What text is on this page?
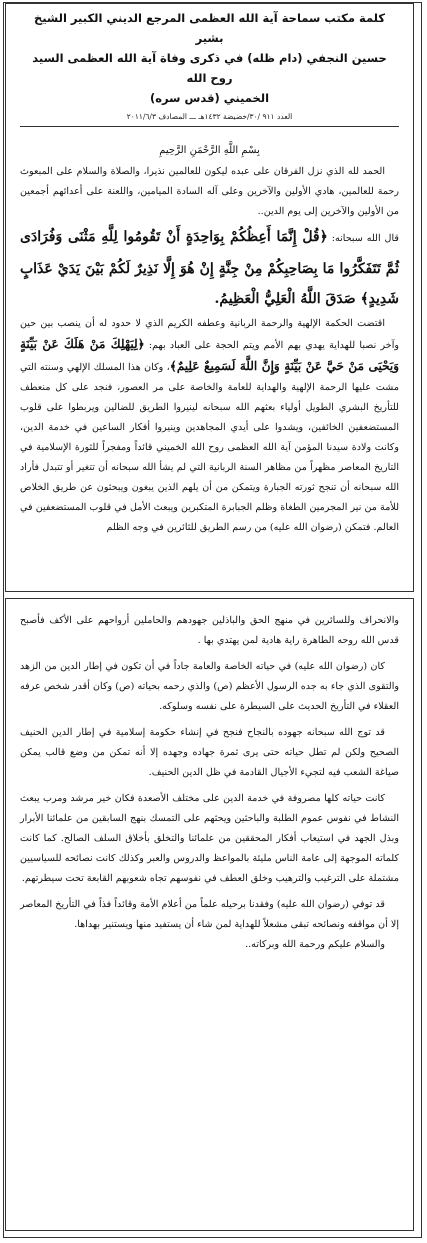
كلمة مكتب سماحة آية الله العظمى المرجع الديني الكبير الشيخ بشير
حسين النجفي (دام ظله) في ذكرى وفاة آية الله العظمى السيد روح الله
الخميني (قدس سره)
العدد ٩١١ /٣٠/خضيضة ١٤٣٢هـ ـــ المصادف ٢٠١١/٦/٣
بِسْمِ اللَّهِ الرَّحْمَنِ الرَّحِيمِ
الحمد لله الذي نزل الفرقان على عبده ليكون للعالمين نذيرا، والصلاة والسلام على المبعوث رحمة للعالمين، هادي الأولين والآخرين وعلى آله السادة الميامين، واللعنة على أعدائهم أجمعين من الأولين والآخرين إلى يوم الدين..
قال الله سبحانه: ﴿قُلْ إِنَّمَا أَعِظُكُمْ بِوَاحِدَةٍ أَنْ تَقُومُوا لِلَّهِ مَثْنَى وَفُرَادَى ثُمَّ تَتَفَكَّرُوا مَا بِصَاحِبِكُمْ مِنْ جِنَّةٍ إِنْ هُوَ إِلَّا نَذِيرٌ لَكُمْ بَيْنَ يَدَيْ عَذَابٍ شَدِيدٍ﴾ صَدَقَ اللَّهُ الْعَلِيُّ الْعَظِيمُ.
اقتضت الحكمة الإلهية والرحمة الربانية وعطفه الكريم الذي لا حدود له أن ينصب بين حين وآخر نصبا للهداية يهدي بهم الأمم ويتم الحجة على العباد بهم: ﴿لِيَهْلِكَ مَنْ هَلَكَ عَنْ بَيِّنَةٍ وَيَحْيَى مَنْ حَيَّ عَنْ بَيِّنَةٍ وَإِنَّ اللَّهَ لَسَمِيعٌ عَلِيمٌ﴾، وكان هذا المسلك الإلهي وسنته التي مشت عليها الرحمة الإلهية والهداية للعامة والخاصة على مر العصور، فنجد على كل منعطف للتأريخ البشري الطويل أولياء بعثهم الله سبحانه لينيروا الطريق للضالين ويربطوا على قلوب المستضعفين الخائفين، ويشدوا على أيدي المجاهدين وينيروا أفكار الساعين في خدمة الدين، وكانت ولادة سيدنا المؤمن آية الله العظمى روح الله الخميني قائداً ومفجراً للثورة الإسلامية في التاريخ المعاصر مظهراً من مظاهر السنة الربانية التي لم يشأ الله سبحانه أن تتغير أو تتبدل فأراد الله سبحانه أن تنجح ثورته الجبارة ويتمكن من أن يلهم الذين يبغون ويبحثون عن طريق الخلاص للأمة من نير المجرمين الطغاة وظلم الجبابرة المتكبرين ويبعث الأمل في قلوب المستضعفين في العالم. فتمكن (رضوان الله عليه) من رسم الطريق للثائرين في وجه الظلم
والانحراف وللسائرين في منهج الحق والباذلين جهودهم والحاملين أرواحهم على الأكف فأصبح قدس الله روحه الطاهرة راية هادية لمن يهتدي بها .
كان (رضوان الله عليه) في حياته الخاصة والعامة جاداً في أن تكون في إطار الدين من الزهد والتقوى الذي جاء به جده الرسول الأعظم (ص) والذي رحمه بحياته (ص) وكان أقدر شخص عرفه العقلاء في التأريخ الحديث على السيطرة على نفسه وسلوكه.
قد توج الله سبحانه جهوده بالنجاح فنجح في إنشاء حكومة إسلامية في إطار الدين الحنيف الصحيح ولكن لم تطل حياته حتى يرى ثمرة جهاده وجهده إلا أنه تمكن من وضع قالب يمكن صياغة الشعب فيه لتجيء الأجيال القادمة في ظل الدين الحنيف.
كانت حياته كلها مصروفة في خدمة الدين على مختلف الأصعدة فكان خير مرشد ومرب يبعث النشاط في نفوس عموم الطلبة والباحثين ويحثهم على التمسك بنهج السابقين من علمائنا الأبرار وبذل الجهد في استيعاب أفكار المحققين من علمائنا والتخلق بأخلاق السلف الصالح. كما كانت كلماته الموجهة إلى عامة الناس مليئة بالمواعظ والدروس والعبر وكذلك كانت نصائحه للسياسيين مشتملة على الترغيب والترهيب وخلق العطف في نفوسهم تجاه شعوبهم القابعة تحت سيطرتهم.
قد توفي (رضوان الله عليه) وفقدنا برحيله علماً من أعلام الأمة وقائداً فذاً في التأريخ المعاصر إلا أن مواقفه ونصائحه تبقى مشعلاً للهداية لمن شاء أن يستفيد منها ويستنير بهداها.
والسلام عليكم ورحمة الله وبركاته..
